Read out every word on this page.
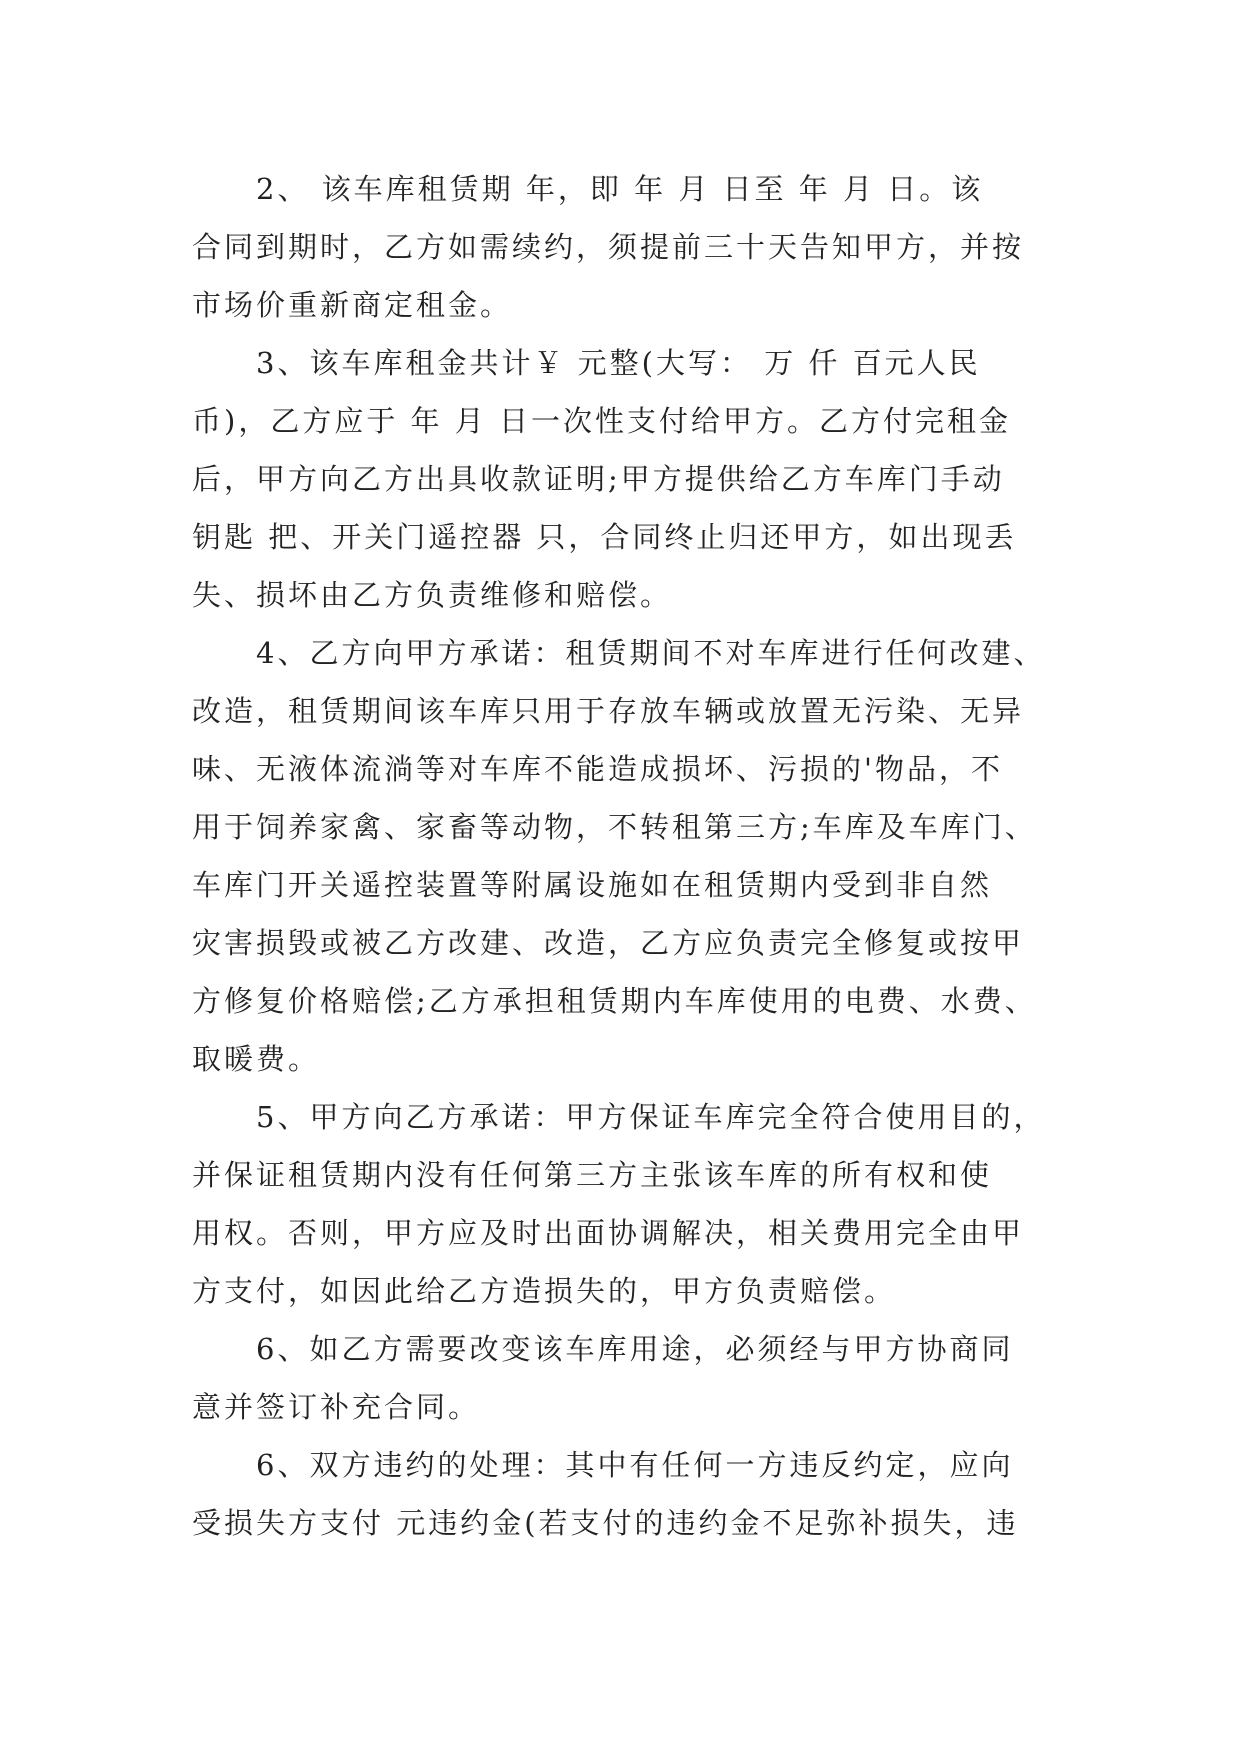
2、 该车库租赁期 年，即 年 月 日至 年 月 日。该
合同到期时，乙方如需续约，须提前三十天告知甲方，并按
市场价重新商定租金。
3、该车库租金共计￥ 元整(大写： 万 仟 百元人民
币)，乙方应于 年 月 日一次性支付给甲方。乙方付完租金
后，甲方向乙方出具收款证明;甲方提供给乙方车库门手动
钥匙 把、开关门遥控器 只，合同终止归还甲方，如出现丢
失、损坏由乙方负责维修和赔偿。
4、乙方向甲方承诺：租赁期间不对车库进行任何改建、
改造，租赁期间该车库只用于存放车辆或放置无污染、无异
味、无液体流淌等对车库不能造成损坏、污损的'物品，不
用于饲养家禽、家畜等动物，不转租第三方;车库及车库门、
车库门开关遥控装置等附属设施如在租赁期内受到非自然
灾害损毁或被乙方改建、改造，乙方应负责完全修复或按甲
方修复价格赔偿;乙方承担租赁期内车库使用的电费、水费、
取暖费。
5、甲方向乙方承诺：甲方保证车库完全符合使用目的，
并保证租赁期内没有任何第三方主张该车库的所有权和使
用权。否则，甲方应及时出面协调解决，相关费用完全由甲
方支付，如因此给乙方造损失的，甲方负责赔偿。
6、如乙方需要改变该车库用途，必须经与甲方协商同
意并签订补充合同。
6、双方违约的处理：其中有任何一方违反约定，应向
受损失方支付 元违约金(若支付的违约金不足弥补损失，违
